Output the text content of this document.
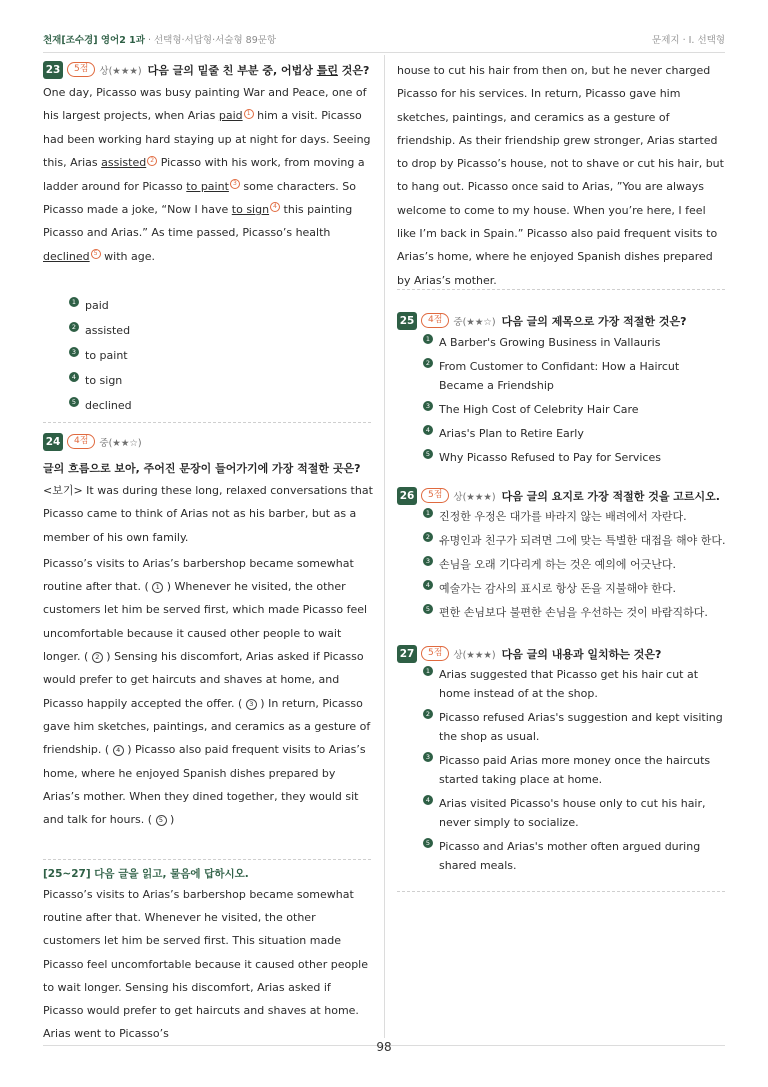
천재[조수경] 영어2 1과 · 선택형·서답형·서술형 89문항	문제지 · I. 선택형
23 5점 상(★★★) 다음 글의 밑줄 친 부분 중, 어법상 틀린 것은?
One day, Picasso was busy painting War and Peace, one of his largest projects, when Arias paid 1 him a visit. Picasso had been working hard staying up at night for days. Seeing this, Arias assisted 2 Picasso with his work, from moving a ladder around for Picasso to paint 3 some characters. So Picasso made a joke, “Now I have to sign 4 this painting Picasso and Arias.” As time passed, Picasso’s health declined 5 with age.
1 paid
2 assisted
3 to paint
4 to sign
5 declined
24 4점 중(★★☆)
글의 흐름으로 보아, 주어진 문장이 들어가기에 가장 적절한 곳은?
<보기> It was during these long, relaxed conversations that Picasso came to think of Arias not as his barber, but as a member of his own family.
Picasso’s visits to Arias’s barbershop became somewhat routine after that. ( 1 ) Whenever he visited, the other customers let him be served first, which made Picasso feel uncomfortable because it caused other people to wait longer. ( 2 ) Sensing his discomfort, Arias asked if Picasso would prefer to get haircuts and shaves at home, and Picasso happily accepted the offer. ( 3 ) In return, Picasso gave him sketches, paintings, and ceramics as a gesture of friendship. ( 4 ) Picasso also paid frequent visits to Arias’s home, where he enjoyed Spanish dishes prepared by Arias’s mother. When they dined together, they would sit and talk for hours. ( 5 )
[25~27] 다음 글을 읽고, 물음에 답하시오.
Picasso’s visits to Arias’s barbershop became somewhat routine after that. Whenever he visited, the other customers let him be served first. This situation made Picasso feel uncomfortable because it caused other people to wait longer. Sensing his discomfort, Arias asked if Picasso would prefer to get haircuts and shaves at home. Arias went to Picasso’s
house to cut his hair from then on, but he never charged Picasso for his services. In return, Picasso gave him sketches, paintings, and ceramics as a gesture of friendship. As their friendship grew stronger, Arias started to drop by Picasso’s house, not to shave or cut his hair, but to hang out. Picasso once said to Arias, ”You are always welcome to come to my house. When you’re here, I feel like I’m back in Spain.” Picasso also paid frequent visits to Arias’s home, where he enjoyed Spanish dishes prepared by Arias’s mother.
25 4점 중(★★☆) 다음 글의 제목으로 가장 적절한 것은?
1 A Barber's Growing Business in Vallauris
2 From Customer to Confidant: How a Haircut Became a Friendship
3 The High Cost of Celebrity Hair Care
4 Arias's Plan to Retire Early
5 Why Picasso Refused to Pay for Services
26 5점 상(★★★) 다음 글의 요지로 가장 적절한 것을 고르시오.
1 진정한 우정은 대가를 바라지 않는 배려에서 자란다.
2 유명인과 친구가 되려면 그에 맞는 특별한 대접을 해야 한다.
3 손님을 오래 기다리게 하는 것은 예의에 어긋난다.
4 예술가는 감사의 표시로 항상 돈을 지불해야 한다.
5 편한 손님보다 불편한 손님을 우선하는 것이 바람직하다.
27 5점 상(★★★) 다음 글의 내용과 일치하는 것은?
1 Arias suggested that Picasso get his hair cut at home instead of at the shop.
2 Picasso refused Arias's suggestion and kept visiting the shop as usual.
3 Picasso paid Arias more money once the haircuts started taking place at home.
4 Arias visited Picasso's house only to cut his hair, never simply to socialize.
5 Picasso and Arias's mother often argued during shared meals.
98
